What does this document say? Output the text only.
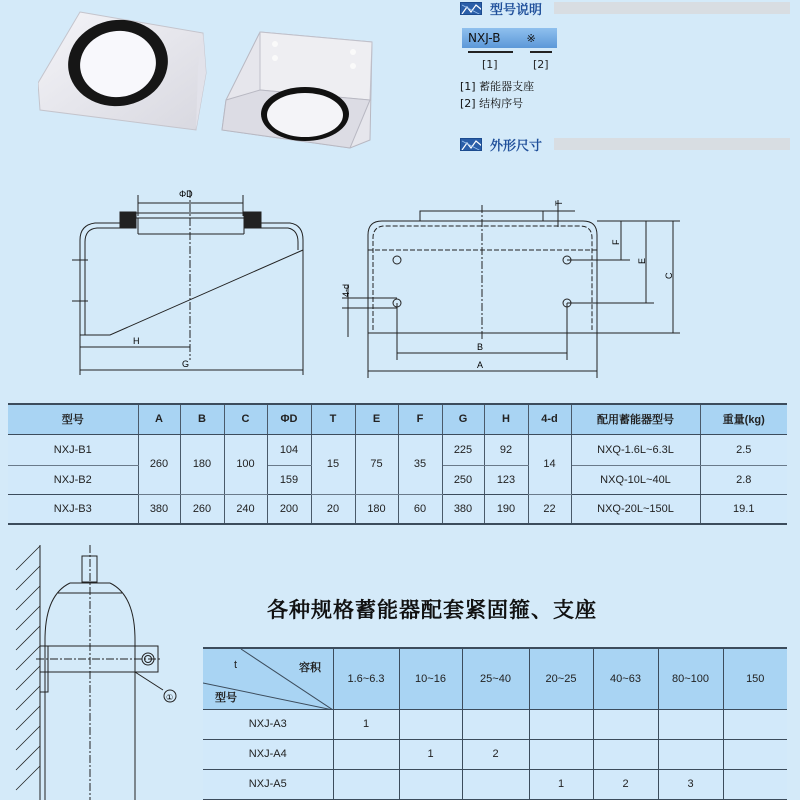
型号说明
NXJ-B ※
[1]	[2]
[1] 蓄能器支座
[2] 结构序号
外形尺寸
ΦD
H
G
T
F
E
C
4-d
B
A
型号	A	B	C	ΦD	T	E	F	G	H	4-d	配用蓄能器型号	重量(kg)
NXJ-B1	260	180	100	104	15	75	35	225	92	14	NXQ-1.6L~6.3L	2.5
NXJ-B2				159				250	123		NXQ-10L~40L	2.8
NXJ-B3	380	260	240	200	20	180	60	380	190	22	NXQ-20L~150L	19.1
①
各种规格蓄能器配套紧固箍、支座
t 容积
型号	1.6~6.3	10~16	25~40	20~25	40~63	80~100	150
NXJ-A3	1						
NXJ-A4		1	2				
NXJ-A5				1	2	3	
